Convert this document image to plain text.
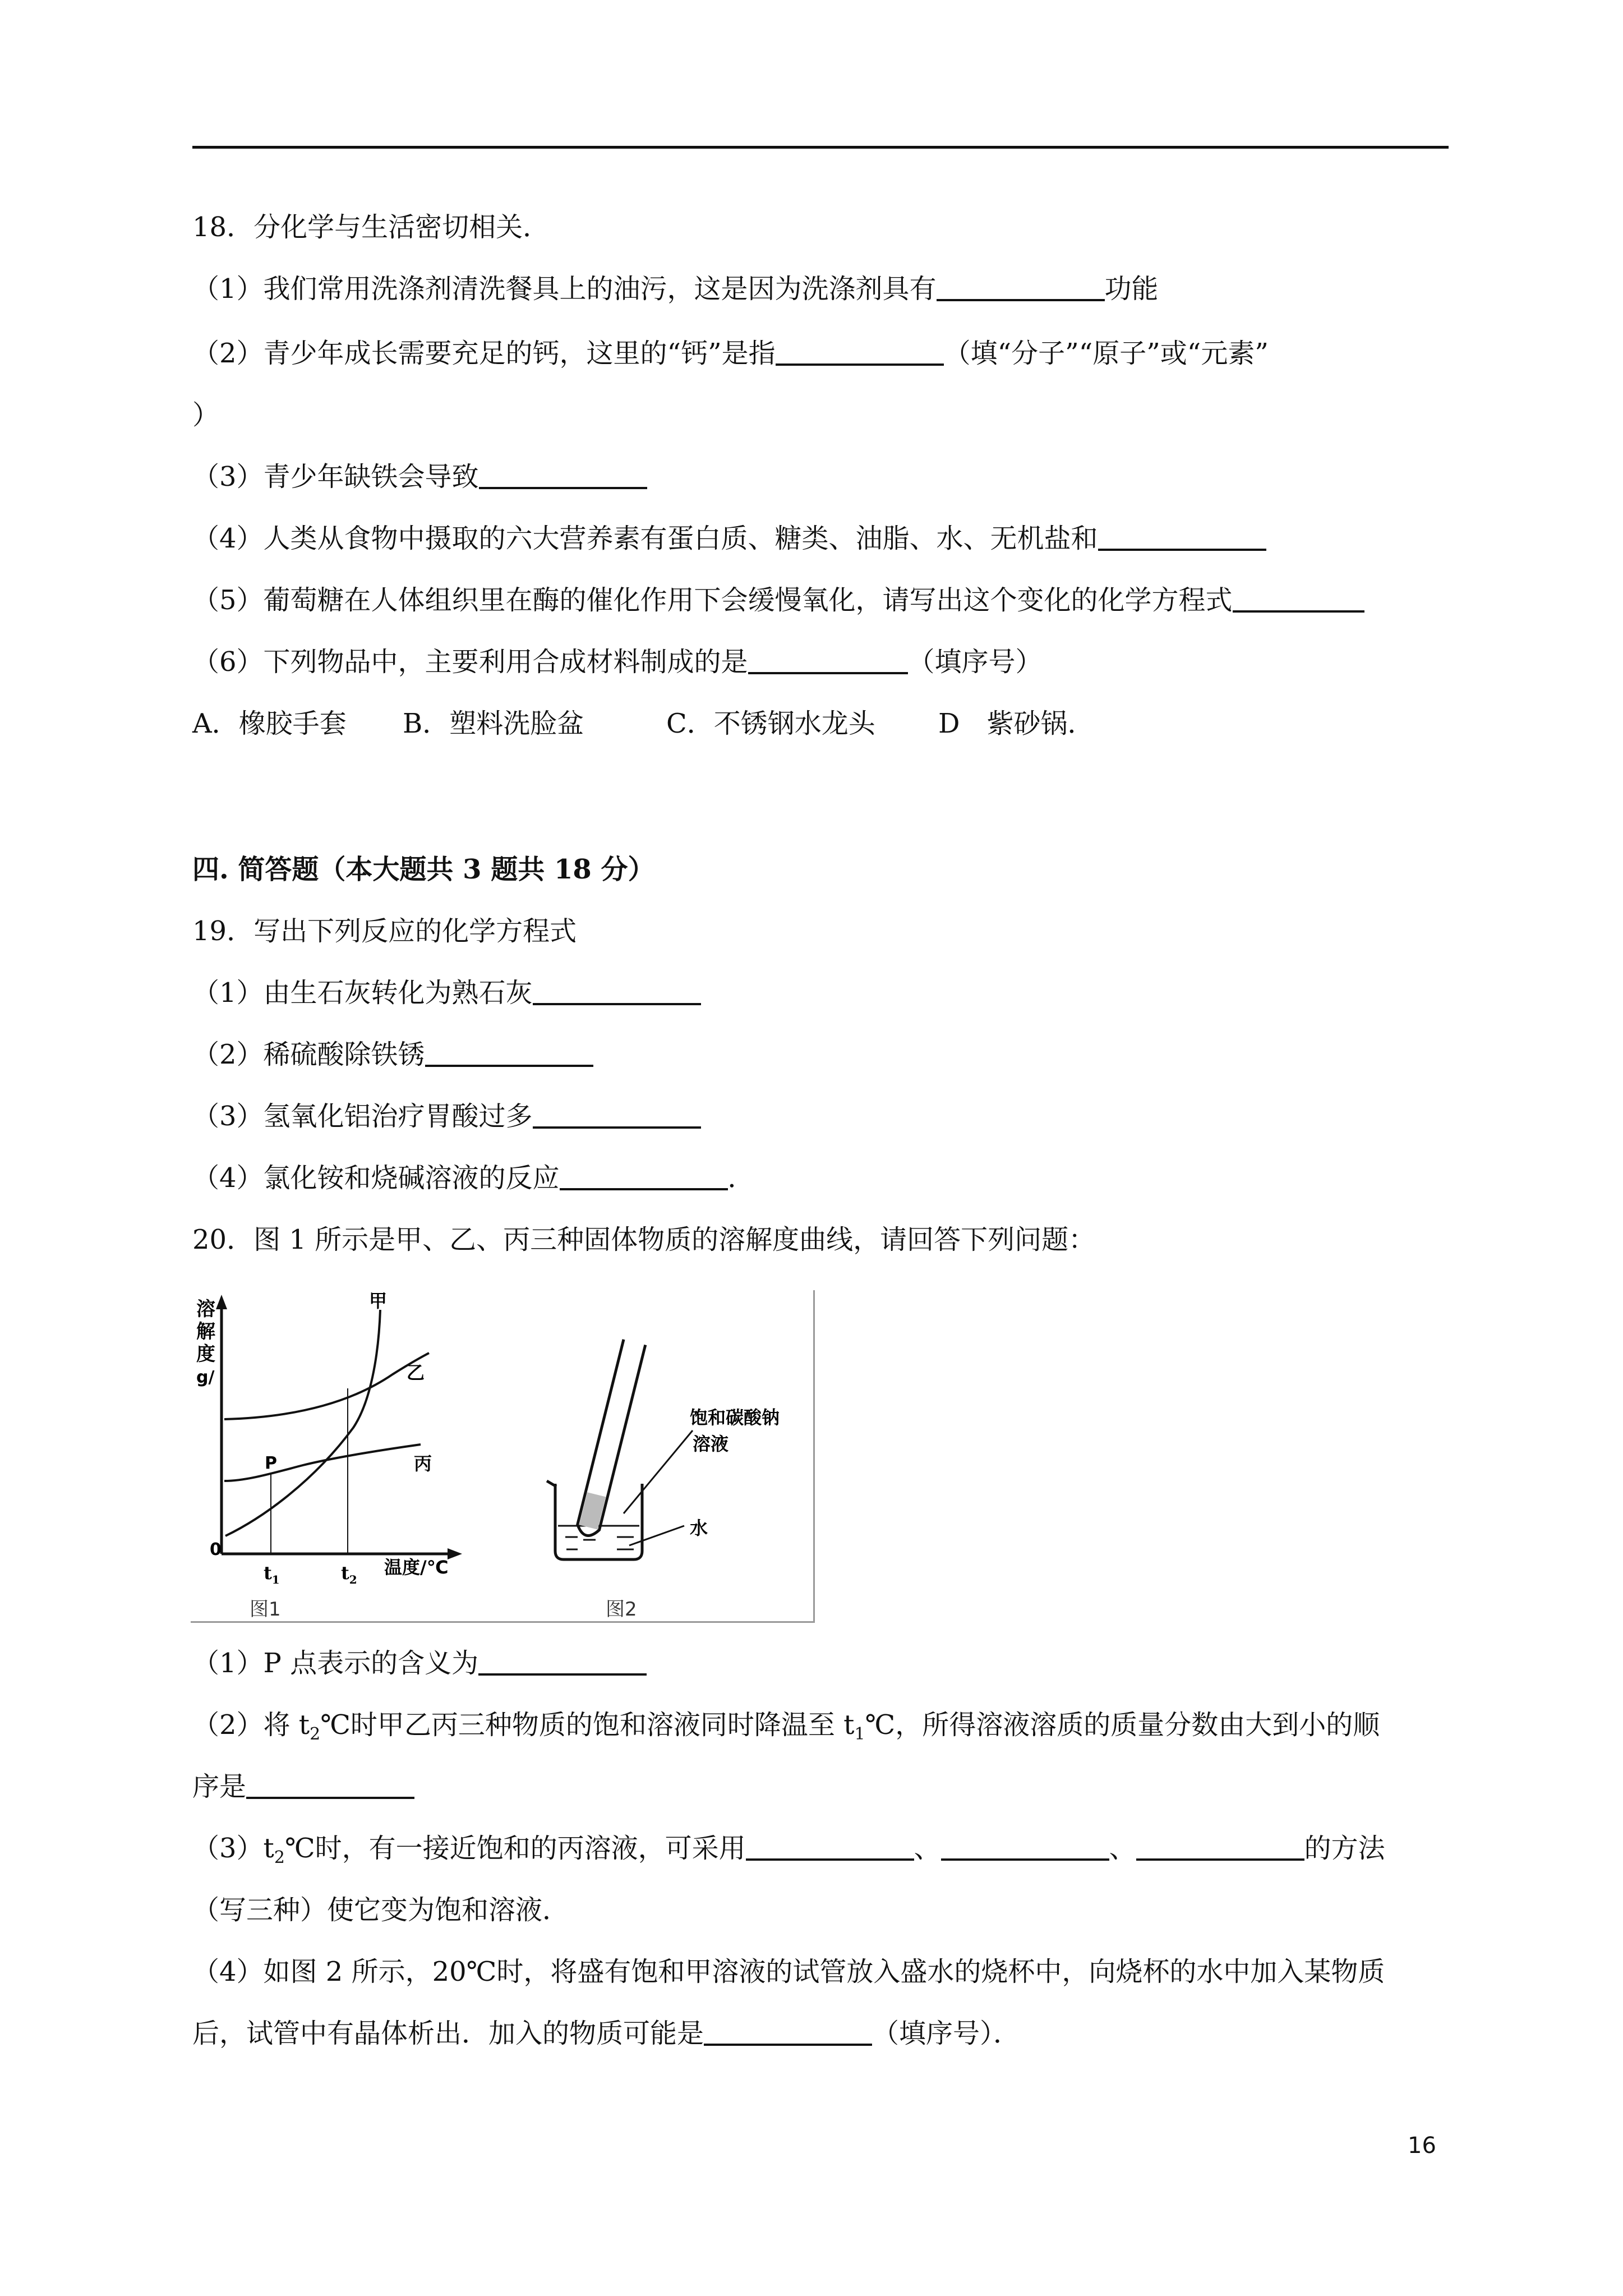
18．分化学与生活密切相关．
（1）我们常用洗涤剂清洗餐具上的油污，这是因为洗涤剂具有	功能
（2）青少年成长需要充足的钙，这里的“钙”是指	（填“分子”“原子”或“元素”
）
（3）青少年缺铁会导致
（4）人类从食物中摄取的六大营养素有蛋白质、糖类、油脂、水、无机盐和
（5）葡萄糖在人体组织里在酶的催化作用下会缓慢氧化，请写出这个变化的化学方程式
（6）下列物品中，主要利用合成材料制成的是	（填序号）
A．橡胶手套 B．塑料洗脸盆	C．不锈钢水龙头 D　紫砂锅．
四. 简答题（本大题共 3 题共 18 分）
19．写出下列反应的化学方程式
（1）由生石灰转化为熟石灰
（2）稀硫酸除铁锈
（3）氢氧化铝治疗胃酸过多
（4）氯化铵和烧碱溶液的反应	．
20．图 1 所示是甲、乙、丙三种固体物质的溶解度曲线，请回答下列问题：
溶
解
度
g/
0
$t_1$	$t_2$
温度/℃
甲
乙
丙
P
图1
饱和碳酸钠
溶液
水
图2
（1）P 点表示的含义为
（2）将 $t_2℃$时甲乙丙三种物质的饱和溶液同时降温至 $t_1℃$，所得溶液溶质的质量分数由大到小的顺
序是
$(3)t_2℃$时，有一接近饱和的丙溶液，可采用	、	、	的方法
（写三种）使它变为饱和溶液．
（4）如图 2 所示，20℃时，将盛有饱和甲溶液的试管放入盛水的烧杯中，向烧杯的水中加入某物质
后，试管中有晶体析出．加入的物质可能是	（填序号）．
16
